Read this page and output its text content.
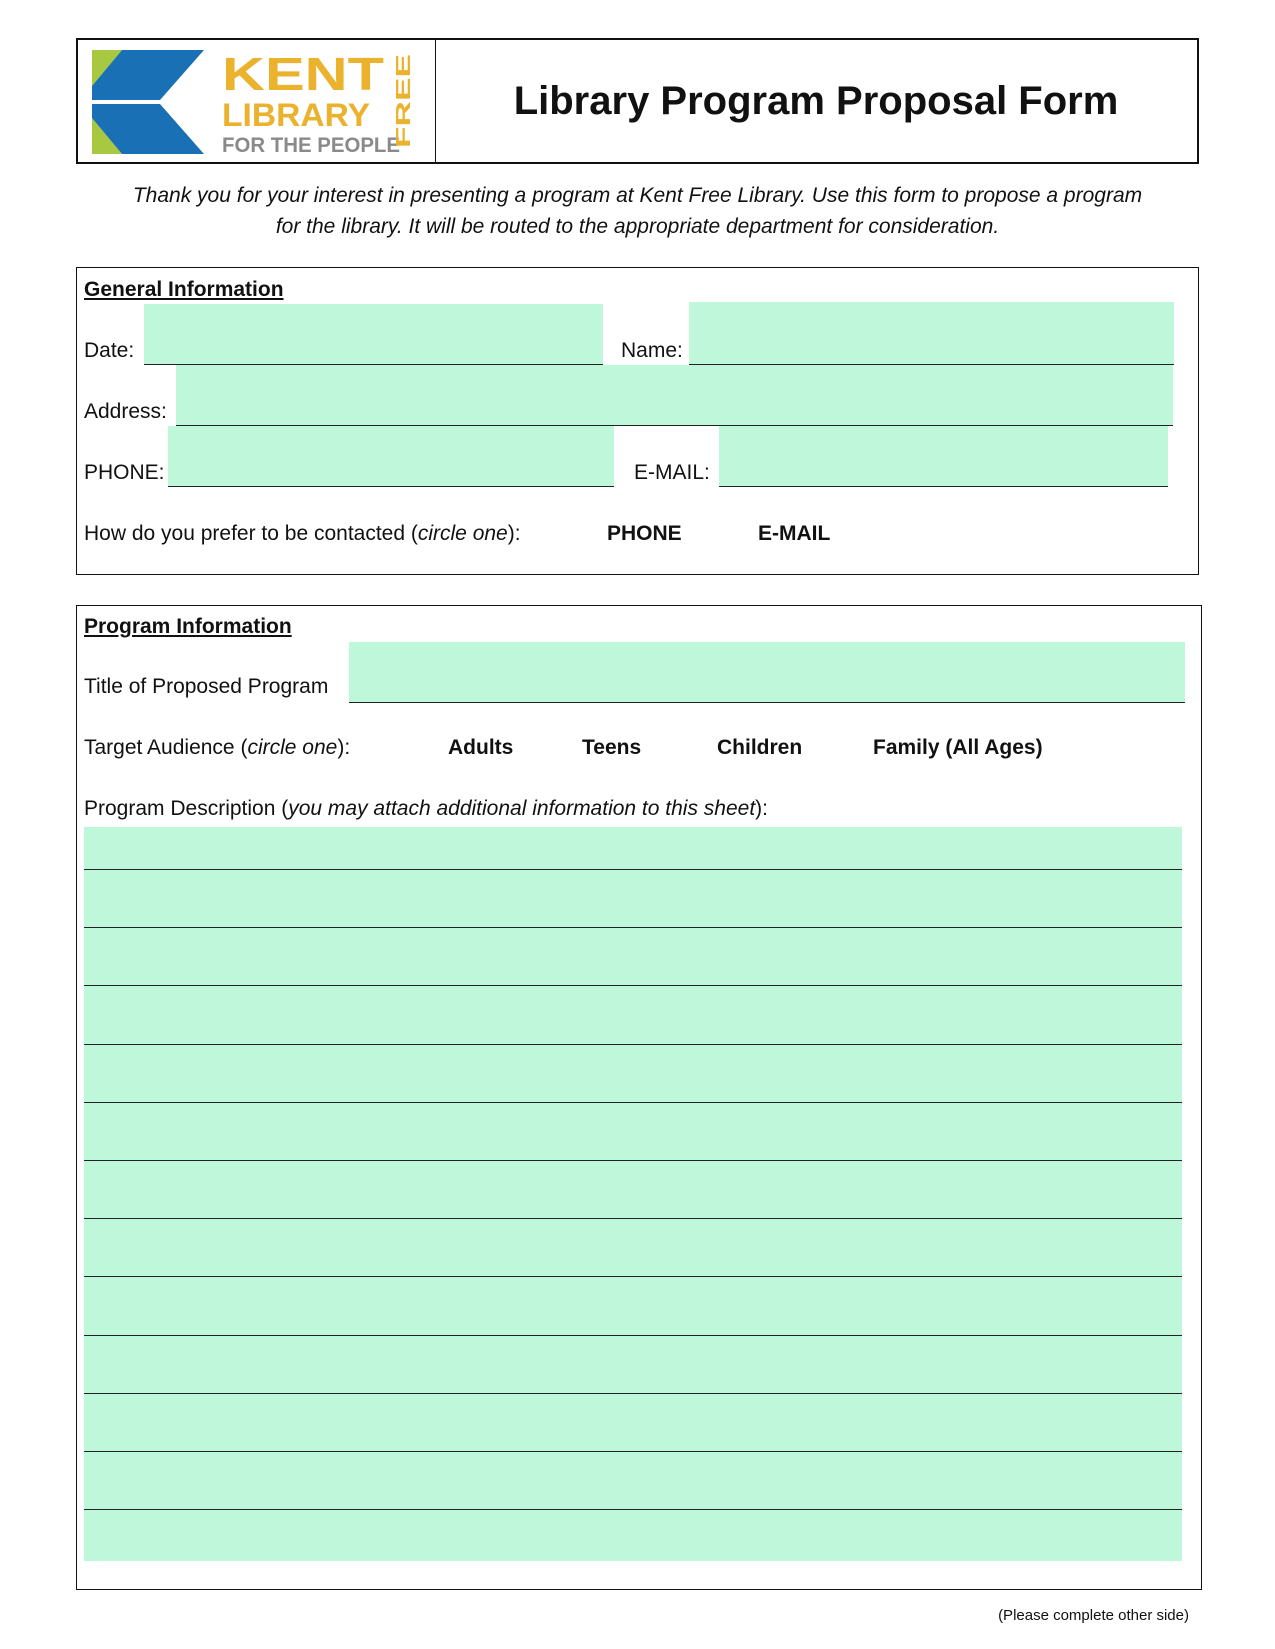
KENT
LIBRARY
FOR THE PEOPLE
FREE	Library Program Proposal Form
Thank you for your interest in presenting a program at Kent Free Library. Use this form to propose a program
for the library. It will be routed to the appropriate department for consideration.
General Information
Date:	Name:
Address:
PHONE:	E-MAIL:
How do you prefer to be contacted (circle one):	PHONE	E-MAIL
Program Information
Title of Proposed Program
Target Audience (circle one):	Adults	Teens	Children	Family (All Ages)
Program Description (you may attach additional information to this sheet):
(Please complete other side)
